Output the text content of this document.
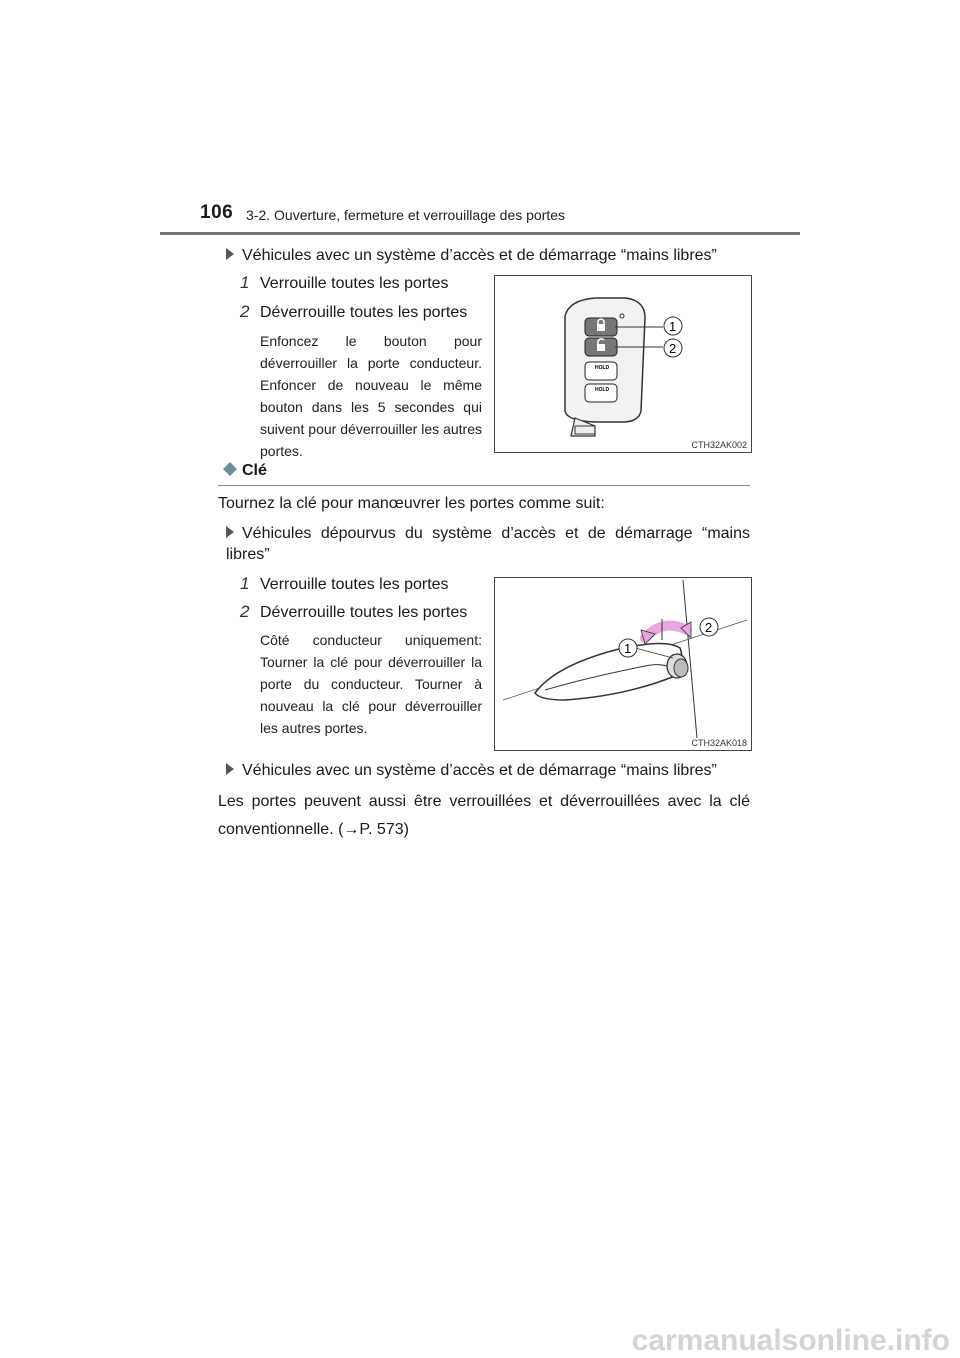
106 3-2. Ouverture, fermeture et verrouillage des portes
Véhicules avec un système d’accès et de démarrage “mains libres”
1 Verrouille toutes les portes
2 Déverrouille toutes les portes
Enfoncez le bouton pour déverrouiller la porte conducteur. Enfoncer de nouveau le même bouton dans les 5 secondes qui suivent pour déverrouiller les autres portes.
HOLD
HOLD
1
2
CTH32AK002
Clé
Tournez la clé pour manœuvrer les portes comme suit:
Véhicules dépourvus du système d’accès et de démarrage “mains libres”
1 Verrouille toutes les portes
2 Déverrouille toutes les portes
Côté conducteur uniquement: Tourner la clé pour déverrouiller la porte du conducteur. Tourner à nouveau la clé pour déverrouiller les autres portes.
1
2
CTH32AK018
Véhicules avec un système d’accès et de démarrage “mains libres”
Les portes peuvent aussi être verrouillées et déverrouillées avec la clé conventionnelle. (→P. 573)
carmanualsonline.info
